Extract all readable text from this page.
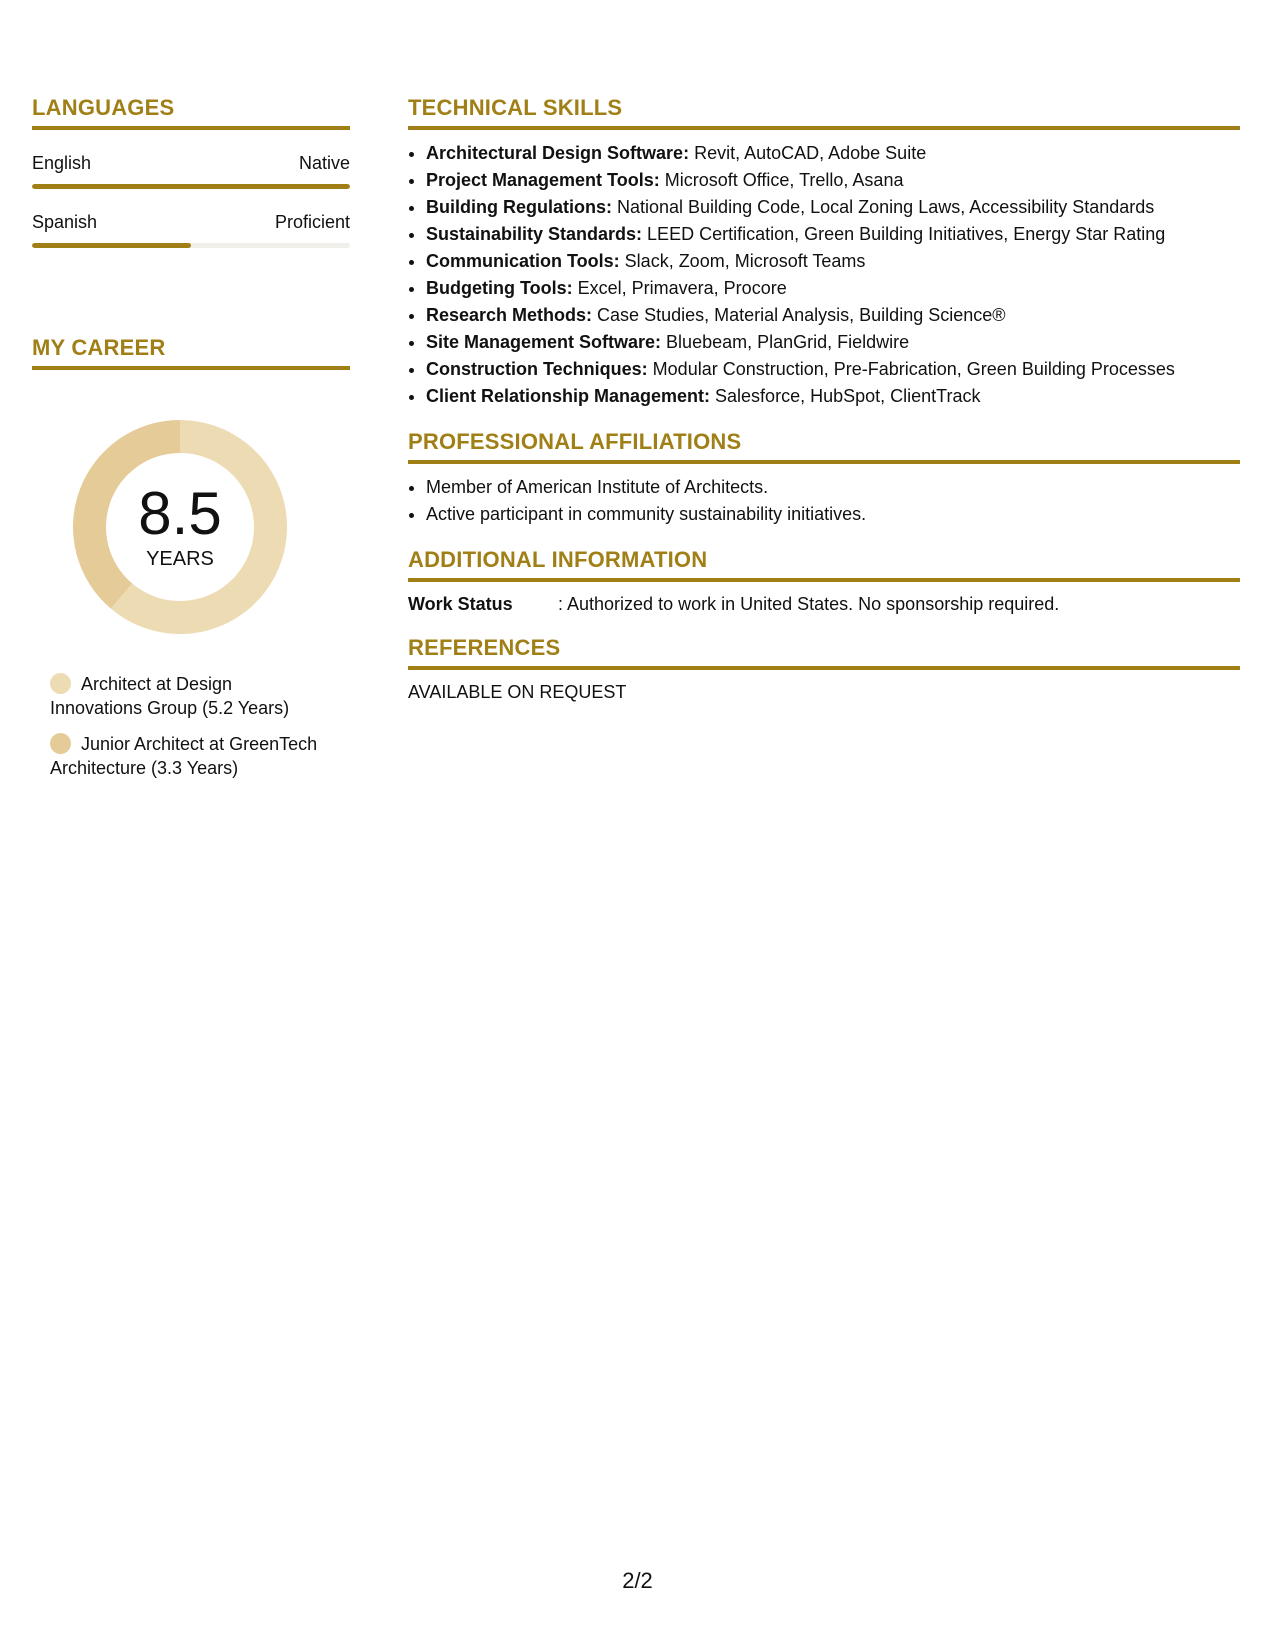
LANGUAGES
English	Native
Spanish	Proficient
MY CAREER
8.5
YEARS
Architect at Design Innovations Group (5.2 Years)
Junior Architect at GreenTech Architecture (3.3 Years)
TECHNICAL SKILLS
• Architectural Design Software: Revit, AutoCAD, Adobe Suite
• Project Management Tools: Microsoft Office, Trello, Asana
• Building Regulations: National Building Code, Local Zoning Laws, Accessibility Standards
• Sustainability Standards: LEED Certification, Green Building Initiatives, Energy Star Rating
• Communication Tools: Slack, Zoom, Microsoft Teams
• Budgeting Tools: Excel, Primavera, Procore
• Research Methods: Case Studies, Material Analysis, Building Science®
• Site Management Software: Bluebeam, PlanGrid, Fieldwire
• Construction Techniques: Modular Construction, Pre-Fabrication, Green Building Processes
• Client Relationship Management: Salesforce, HubSpot, ClientTrack
PROFESSIONAL AFFILIATIONS
• Member of American Institute of Architects.
• Active participant in community sustainability initiatives.
ADDITIONAL INFORMATION
Work Status	: Authorized to work in United States. No sponsorship required.
REFERENCES
AVAILABLE ON REQUEST
2/2
